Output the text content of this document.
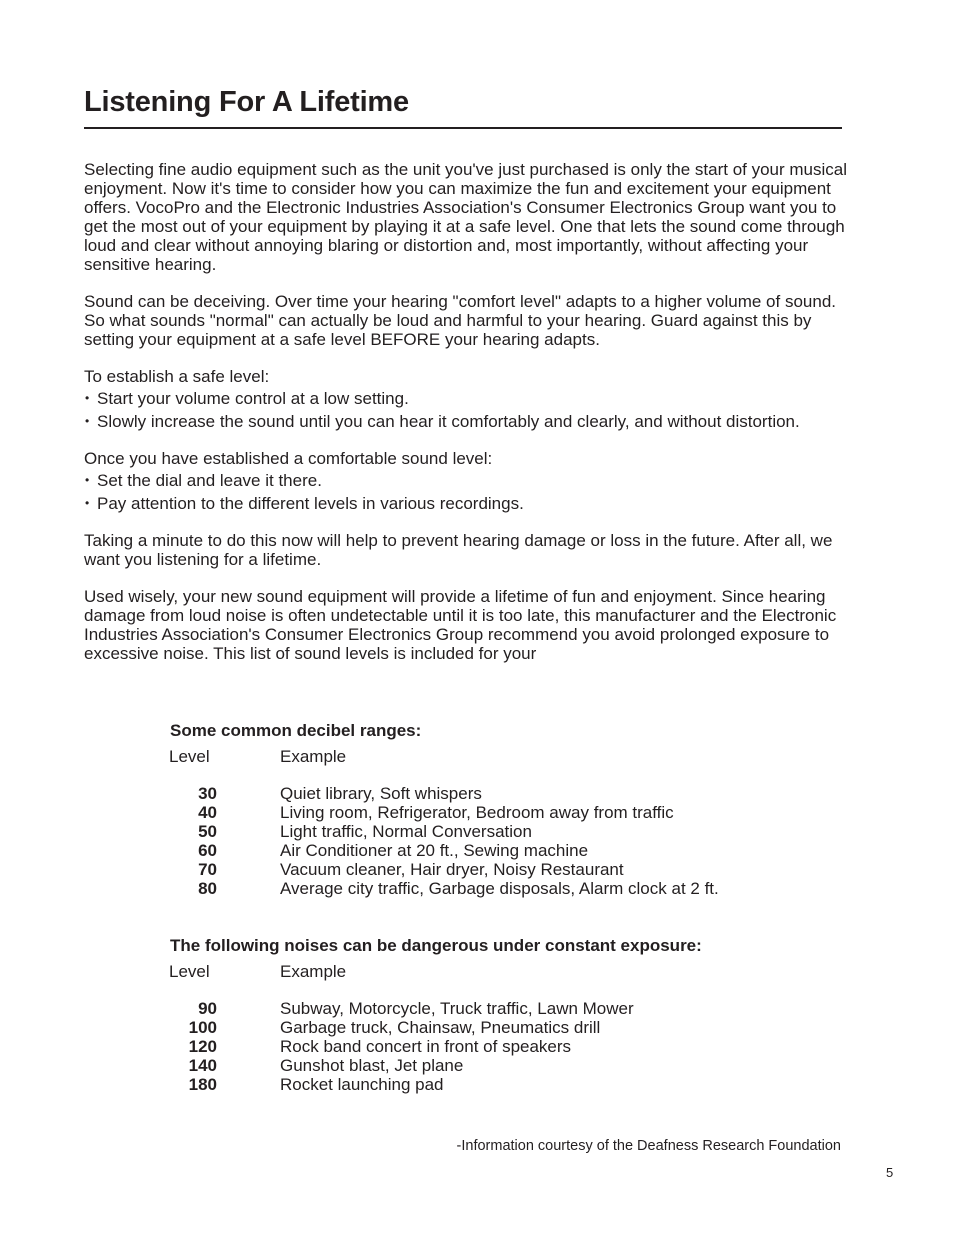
Listening For A Lifetime

Selecting fine audio equipment such as the unit you've just purchased is only the start of your musical enjoyment. Now it's time to consider how you can maximize the fun and excitement your equipment offers. VocoPro and the Electronic Industries Association's Consumer Electronics Group want you to get the most out of your equipment by playing it at a safe level. One that lets the sound come through loud and clear without annoying blaring or distortion and, most importantly, without affecting your sensitive hearing.

Sound can be deceiving. Over time your hearing "comfort level" adapts to a higher volume of sound. So what sounds "normal" can actually be loud and harmful to your hearing. Guard against this by setting your equipment at a safe level BEFORE your hearing adapts.

To establish a safe level:

• Start your volume control at a low setting.
• Slowly increase the sound until you can hear it comfortably and clearly, and without distortion.

Once you have established a comfortable sound level:

• Set the dial and leave it there.
• Pay attention to the different levels in various recordings.

Taking a minute to do this now will help to prevent hearing damage or loss in the future. After all, we want you listening for a lifetime.

Used wisely, your new sound equipment will provide a lifetime of fun and enjoyment. Since hearing damage from loud noise is often undetectable until it is too late, this manufacturer and the Electronic Industries Association's Consumer Electronics Group recommend you avoid prolonged exposure to excessive noise. This list of sound levels is included for your

Some common decibel ranges:
Level	Example
30	Quiet library, Soft whispers
40	Living room, Refrigerator, Bedroom away from traffic
50	Light traffic, Normal Conversation
60	Air Conditioner at 20 ft., Sewing machine
70	Vacuum cleaner, Hair dryer, Noisy Restaurant
80	Average city traffic, Garbage disposals, Alarm clock at 2 ft.
The following noises can be dangerous under constant exposure:
Level	Example
90	Subway, Motorcycle, Truck traffic, Lawn Mower
100	Garbage truck, Chainsaw, Pneumatics drill
120	Rock band concert in front of speakers
140	Gunshot blast, Jet plane
180	Rocket launching pad
-Information courtesy of the Deafness Research Foundation
5
